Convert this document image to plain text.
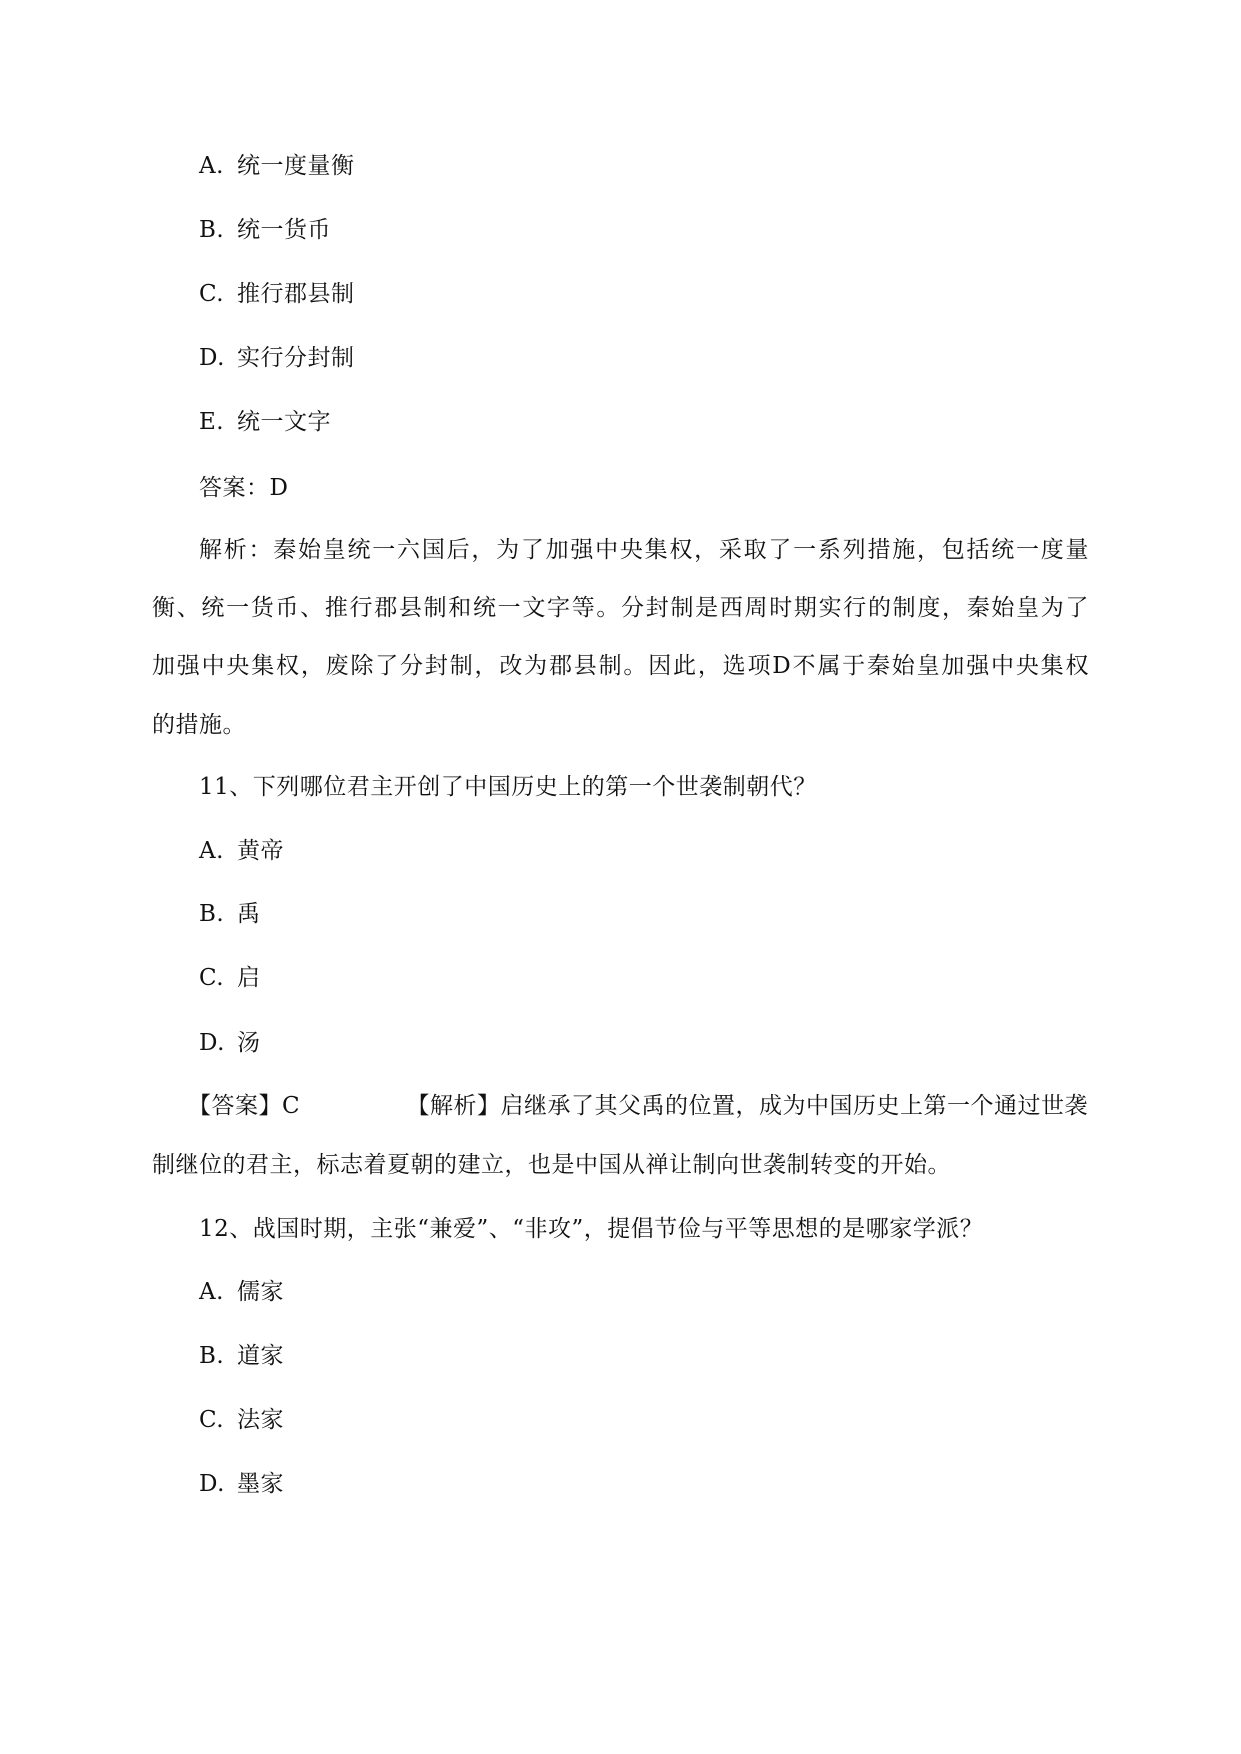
A. 统一度量衡
B. 统一货币
C. 推行郡县制
D. 实行分封制
E. 统一文字
答案：D
解析：秦始皇统一六国后，为了加强中央集权，采取了一系列措施，包括统一度量
衡、统一货币、推行郡县制和统一文字等。分封制是西周时期实行的制度，秦始皇为了
加强中央集权，废除了分封制，改为郡县制。因此，选项D不属于秦始皇加强中央集权
的措施。
11、下列哪位君主开创了中国历史上的第一个世袭制朝代？
A. 黄帝
B. 禹
C. 启
D. 汤
【答案】C	【解析】启继承了其父禹的位置，成为中国历史上第一个通过世袭
制继位的君主，标志着夏朝的建立，也是中国从禅让制向世袭制转变的开始。
12、战国时期，主张“兼爱”、“非攻”，提倡节俭与平等思想的是哪家学派？
A. 儒家
B. 道家
C. 法家
D. 墨家
